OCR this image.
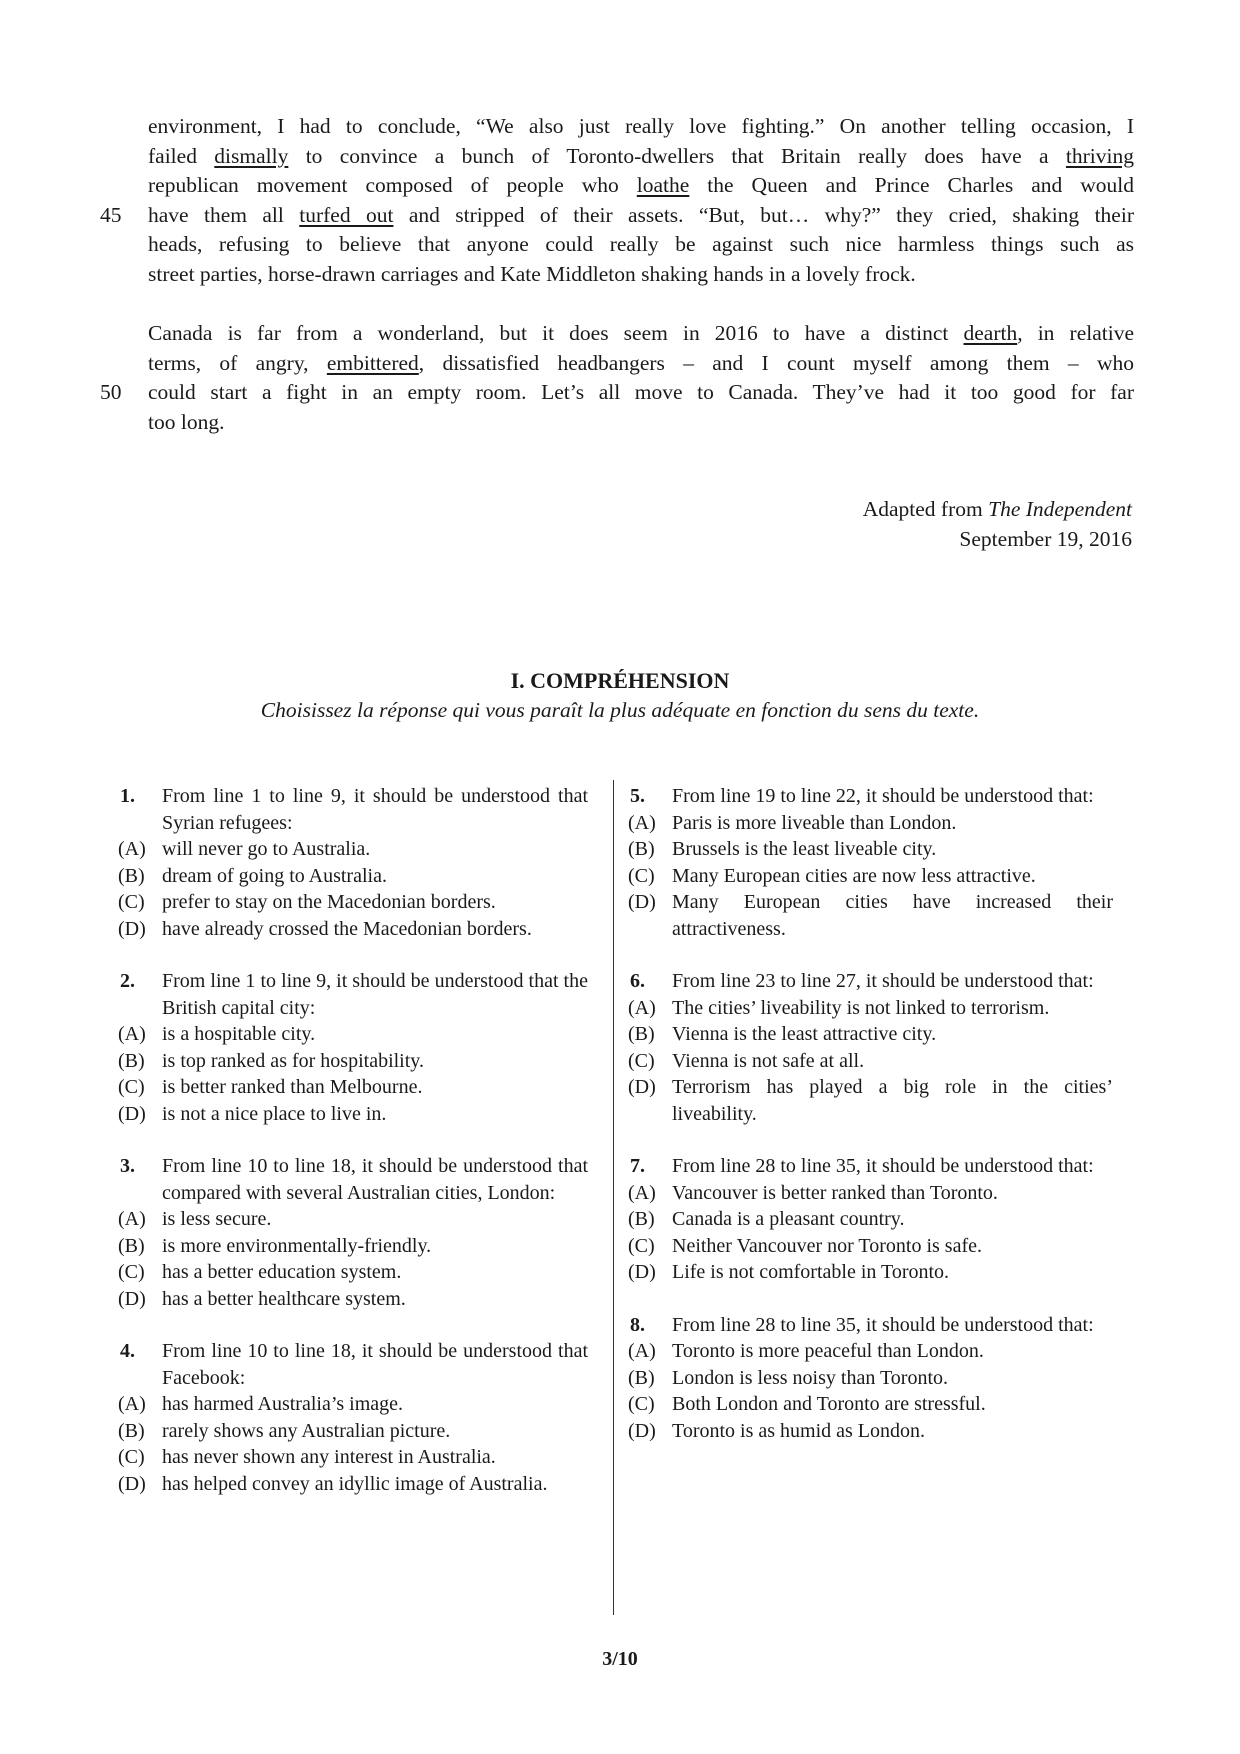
45
environment, I had to conclude, “We also just really love fighting.” On another telling occasion, I
failed dismally to convince a bunch of Toronto-dwellers that Britain really does have a thriving
republican movement composed of people who loathe the Queen and Prince Charles and would
have them all turfed out and stripped of their assets. “But, but… why?” they cried, shaking their
heads, refusing to believe that anyone could really be against such nice harmless things such as
street parties, horse-drawn carriages and Kate Middleton shaking hands in a lovely frock.
50
Canada is far from a wonderland, but it does seem in 2016 to have a distinct dearth, in relative
terms, of angry, embittered, dissatisfied headbangers – and I count myself among them – who
could start a fight in an empty room. Let’s all move to Canada. They’ve had it too good for far
too long.
Adapted from The Independent
September 19, 2016
I. COMPRÉHENSION
Choisissez la réponse qui vous paraît la plus adéquate en fonction du sens du texte.
1.	From line 1 to line 9, it should be understood that Syrian refugees:
(A) will never go to Australia.
(B) dream of going to Australia.
(C) prefer to stay on the Macedonian borders.
(D) have already crossed the Macedonian borders.
2.	From line 1 to line 9, it should be understood that the British capital city:
(A) is a hospitable city.
(B) is top ranked as for hospitability.
(C) is better ranked than Melbourne.
(D) is not a nice place to live in.
3.	From line 10 to line 18, it should be understood that compared with several Australian cities, London:
(A) is less secure.
(B) is more environmentally-friendly.
(C) has a better education system.
(D) has a better healthcare system.
4.	From line 10 to line 18, it should be understood that Facebook:
(A) has harmed Australia’s image.
(B) rarely shows any Australian picture.
(C) has never shown any interest in Australia.
(D) has helped convey an idyllic image of Australia.
5.	From line 19 to line 22, it should be understood that:
(A) Paris is more liveable than London.
(B) Brussels is the least liveable city.
(C) Many European cities are now less attractive.
(D) Many European cities have increased their attractiveness.
6.	From line 23 to line 27, it should be understood that:
(A) The cities’ liveability is not linked to terrorism.
(B) Vienna is the least attractive city.
(C) Vienna is not safe at all.
(D) Terrorism has played a big role in the cities’ liveability.
7.	From line 28 to line 35, it should be understood that:
(A) Vancouver is better ranked than Toronto.
(B) Canada is a pleasant country.
(C) Neither Vancouver nor Toronto is safe.
(D) Life is not comfortable in Toronto.
8.	From line 28 to line 35, it should be understood that:
(A) Toronto is more peaceful than London.
(B) London is less noisy than Toronto.
(C) Both London and Toronto are stressful.
(D) Toronto is as humid as London.
3/10
